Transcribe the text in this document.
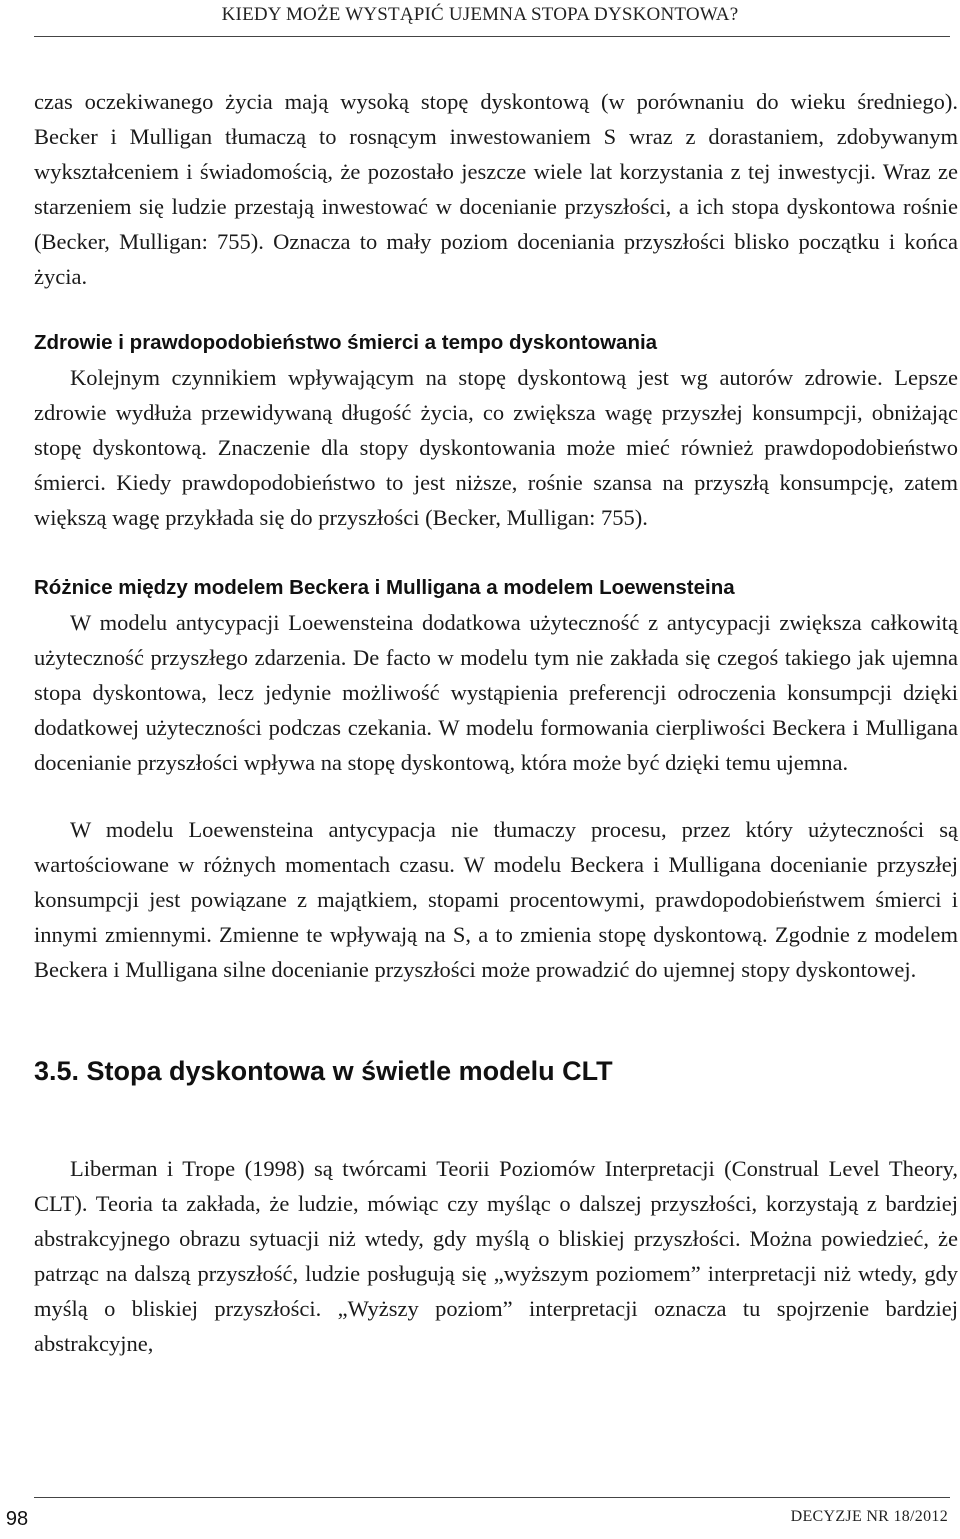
KIEDY MOŻE WYSTĄPIĆ UJEMNA STOPA DYSKONTOWA?

czas oczekiwanego życia mają wysoką stopę dyskontową (w porównaniu do wieku średniego). Becker i Mulligan tłumaczą to rosnącym inwestowaniem S wraz z dorastaniem, zdobywanym wykształceniem i świadomością, że pozostało jeszcze wiele lat korzystania z tej inwestycji. Wraz ze starzeniem się ludzie przestają inwestować w docenianie przyszłości, a ich stopa dyskontowa rośnie (Becker, Mulligan: 755). Oznacza to mały poziom doceniania przyszłości blisko początku i końca życia.

Zdrowie i prawdopodobieństwo śmierci a tempo dyskontowania

Kolejnym czynnikiem wpływającym na stopę dyskontową jest wg autorów zdrowie. Lepsze zdrowie wydłuża przewidywaną długość życia, co zwiększa wagę przyszłej konsumpcji, obniżając stopę dyskontową. Znaczenie dla stopy dyskontowania może mieć również prawdopodobieństwo śmierci. Kiedy prawdopodobieństwo to jest niższe, rośnie szansa na przyszłą konsumpcję, zatem większą wagę przykłada się do przyszłości (Becker, Mulligan: 755).

Różnice między modelem Beckera i Mulligana a modelem Loewensteina

W modelu antycypacji Loewensteina dodatkowa użyteczność z antycypacji zwiększa całkowitą użyteczność przyszłego zdarzenia. De facto w modelu tym nie zakłada się czegoś takiego jak ujemna stopa dyskontowa, lecz jedynie możliwość wystąpienia preferencji odroczenia konsumpcji dzięki dodatkowej użyteczności podczas czekania. W modelu formowania cierpliwości Beckera i Mulligana docenianie przyszłości wpływa na stopę dyskontową, która może być dzięki temu ujemna.

W modelu Loewensteina antycypacja nie tłumaczy procesu, przez który użyteczności są wartościowane w różnych momentach czasu. W modelu Beckera i Mulligana docenianie przyszłej konsumpcji jest powiązane z majątkiem, stopami procentowymi, prawdopodobieństwem śmierci i innymi zmiennymi. Zmienne te wpływają na S, a to zmienia stopę dyskontową. Zgodnie z modelem Beckera i Mulligana silne docenianie przyszłości może prowadzić do ujemnej stopy dyskontowej.

3.5. Stopa dyskontowa w świetle modelu CLT

Liberman i Trope (1998) są twórcami Teorii Poziomów Interpretacji (Construal Level Theory, CLT). Teoria ta zakłada, że ludzie, mówiąc czy myśląc o dalszej przyszłości, korzystają z bardziej abstrakcyjnego obrazu sytuacji niż wtedy, gdy myślą o bliskiej przyszłości. Można powiedzieć, że patrząc na dalszą przyszłość, ludzie posługują się „wyższym poziomem” interpretacji niż wtedy, gdy myślą o bliskiej przyszłości. „Wyższy poziom” interpretacji oznacza tu spojrzenie bardziej abstrakcyjne,

98	DECYZJE NR 18/2012
